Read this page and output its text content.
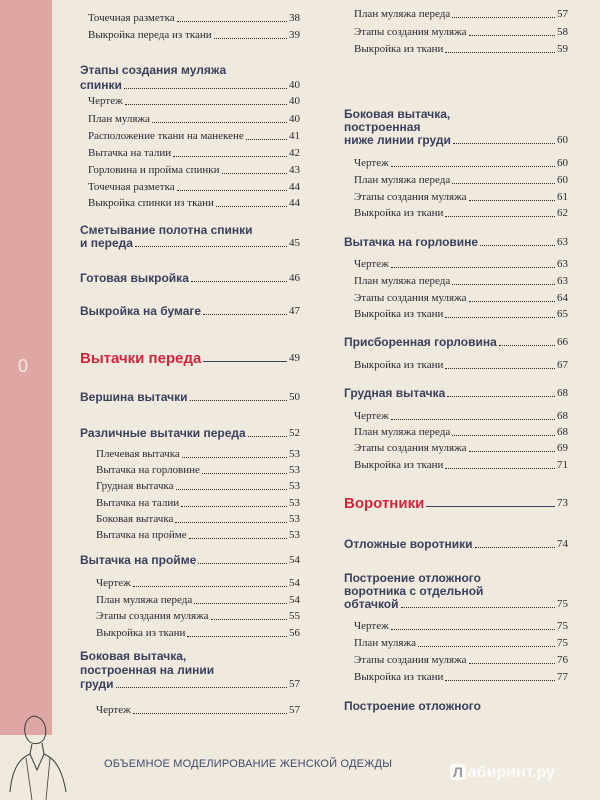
0
Точечная разметка	38
Выкройка переда из ткани	39
Этапы создания муляжа
спинки	40
Чертеж	40
План муляжа	40
Расположение ткани на манекене	41
Вытачка на талии	42
Горловина и пройма спинки	43
Точечная разметка	44
Выкройка спинки из ткани	44
Сметывание полотна спинки
и переда	45
Готовая выкройка	46
Выкройка на бумаге	47
Вытачки переда	49
Вершина вытачки	50
Различные вытачки переда	52
Плечевая вытачка	53
Вытачка на горловине	53
Грудная вытачка	53
Вытачка на талии	53
Боковая вытачка	53
Вытачка на пройме	53
Вытачка на пройме	54
Чертеж	54
План муляжа переда	54
Этапы создания муляжа	55
Выкройка из ткани	56
Боковая вытачка,
построенная на линии
груди	57
Чертеж	57
План муляжа переда	57
Этапы создания муляжа	58
Выкройка из ткани	59
Боковая вытачка,
построенная
ниже линии груди	60
Чертеж	60
План муляжа переда	60
Этапы создания муляжа	61
Выкройка из ткани	62
Вытачка на горловине	63
Чертеж	63
План муляжа переда	63
Этапы создания муляжа	64
Выкройка из ткани	65
Присборенная горловина	66
Выкройка из ткани	67
Грудная вытачка	68
Чертеж	68
План муляжа переда	68
Этапы создания муляжа	69
Выкройка из ткани	71
Воротники	73
Отложные воротники	74
Построение отложного
воротника с отдельной
обтачкой	75
Чертеж	75
План муляжа	75
Этапы создания муляжа	76
Выкройка из ткани	77
Построение отложного
ОБЪЕМНОЕ МОДЕЛИРОВАНИЕ ЖЕНСКОЙ ОДЕЖДЫ	Л абиринт.ру
